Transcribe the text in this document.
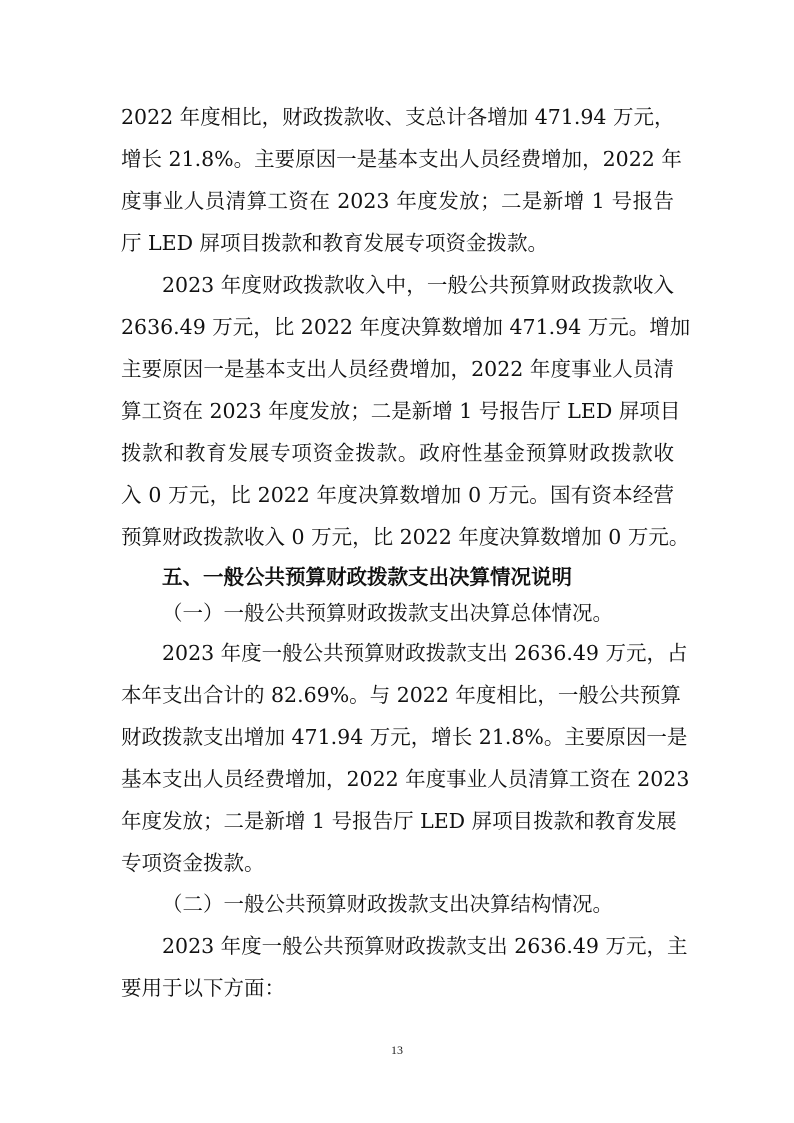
2022 年度相比，财政拨款收、支总计各增加 471.94 万元，
增长 21.8%。主要原因一是基本支出人员经费增加，2022 年
度事业人员清算工资在 2023 年度发放；二是新增 1 号报告
厅 LED 屏项目拨款和教育发展专项资金拨款。
2023 年度财政拨款收入中，一般公共预算财政拨款收入
2636.49 万元，比 2022 年度决算数增加 471.94 万元。增加
主要原因一是基本支出人员经费增加，2022 年度事业人员清
算工资在 2023 年度发放；二是新增 1 号报告厅 LED 屏项目
拨款和教育发展专项资金拨款。政府性基金预算财政拨款收
入 0 万元，比 2022 年度决算数增加 0 万元。国有资本经营
预算财政拨款收入 0 万元，比 2022 年度决算数增加 0 万元。
五、一般公共预算财政拨款支出决算情况说明
（一）一般公共预算财政拨款支出决算总体情况。
2023 年度一般公共预算财政拨款支出 2636.49 万元，占
本年支出合计的 82.69%。与 2022 年度相比，一般公共预算
财政拨款支出增加 471.94 万元，增长 21.8%。主要原因一是
基本支出人员经费增加，2022 年度事业人员清算工资在 2023
年度发放；二是新增 1 号报告厅 LED 屏项目拨款和教育发展
专项资金拨款。
（二）一般公共预算财政拨款支出决算结构情况。
2023 年度一般公共预算财政拨款支出 2636.49 万元，主
要用于以下方面：
13
